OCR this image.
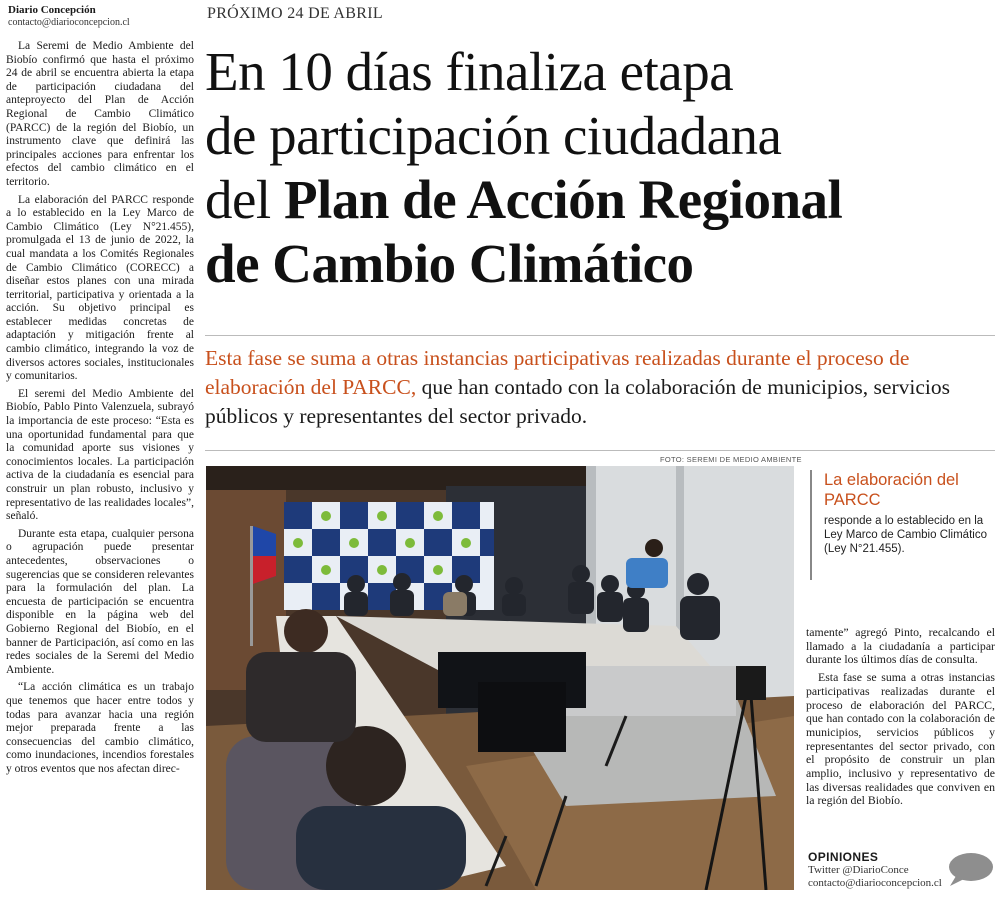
Diario Concepción
contacto@diarioconcepcion.cl

La Seremi de Medio Ambiente del Biobío confirmó que hasta el próximo 24 de abril se encuentra abierta la etapa de participación ciudadana del anteproyecto del Plan de Acción Regional de Cambio Climático (PARCC) de la región del Biobío, un instrumento clave que definirá las principales acciones para enfrentar los efectos del cambio climático en el territorio.

La elaboración del PARCC responde a lo establecido en la Ley Marco de Cambio Climático (Ley N°21.455), promulgada el 13 de junio de 2022, la cual mandata a los Comités Regionales de Cambio Climático (CORECC) a diseñar estos planes con una mirada territorial, participativa y orientada a la acción. Su objetivo principal es establecer medidas concretas de adaptación y mitigación frente al cambio climático, integrando la voz de diversos actores sociales, institucionales y comunitarios.

El seremi del Medio Ambiente del Biobío, Pablo Pinto Valenzuela, subrayó la importancia de este proceso: “Esta es una oportunidad fundamental para que la comunidad aporte sus visiones y conocimientos locales. La participación activa de la ciudadanía es esencial para construir un plan robusto, inclusivo y representativo de las realidades locales”, señaló.

Durante esta etapa, cualquier persona o agrupación puede presentar antecedentes, observaciones o sugerencias que se consideren relevantes para la formulación del plan. La encuesta de participación se encuentra disponible en la página web del Gobierno Regional del Biobío, en el banner de Participación, así como en las redes sociales de la Seremi del Medio Ambiente.

“La acción climática es un trabajo que tenemos que hacer entre todos y todas para avanzar hacia una región mejor preparada frente a las consecuencias del cambio climático, como inundaciones, incendios forestales y otros eventos que nos afectan direc-

PRÓXIMO 24 DE ABRIL
En 10 días finaliza etapa
de participación ciudadana
del Plan de Acción Regional
de Cambio Climático

Esta fase se suma a otras instancias participativas realizadas durante el proceso de elaboración del PARCC, que han contado con la colaboración de municipios, servicios públicos y representantes del sector privado.

FOTO: SEREMI DE MEDIO AMBIENTE

La elaboración del PARCC

responde a lo establecido en la Ley Marco de Cambio Climático (Ley N°21.455).

tamente” agregó Pinto, recalcando el llamado a la ciudadanía a participar durante los últimos días de consulta.

Esta fase se suma a otras instancias participativas realizadas durante el proceso de elaboración del PARCC, que han contado con la colaboración de municipios, servicios públicos y representantes del sector privado, con el propósito de construir un plan amplio, inclusivo y representativo de las diversas realidades que conviven en la región del Biobío.

OPINIONES
Twitter @DiarioConce
contacto@diarioconcepcion.cl
